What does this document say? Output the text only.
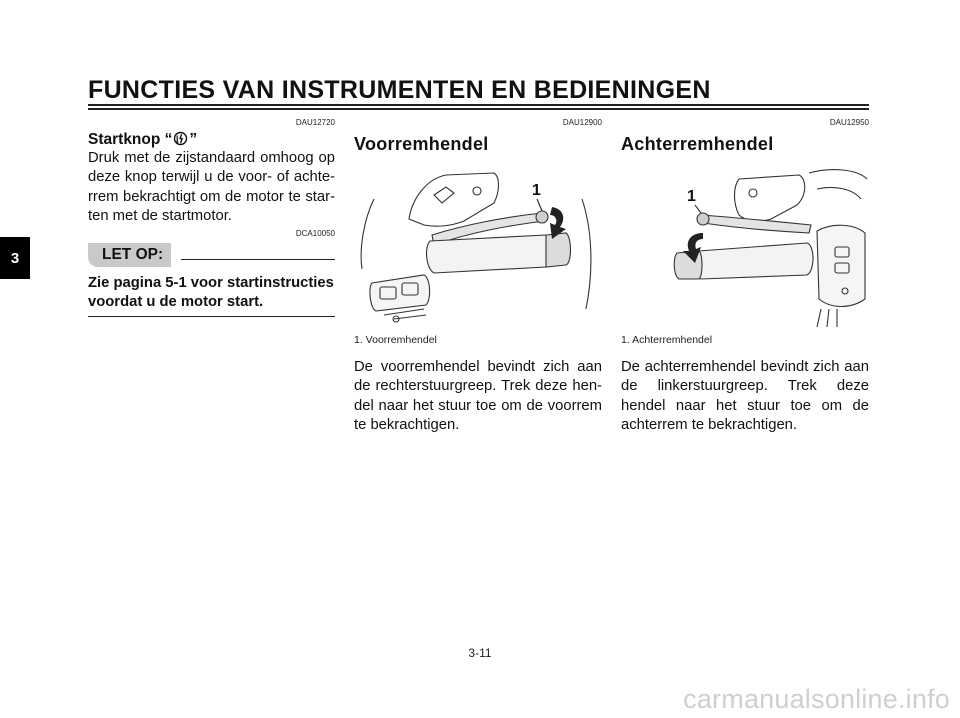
FUNCTIES VAN INSTRUMENTEN EN BEDIENINGEN
3
DAU12720
Startknop “ ”

Druk met de zijstandaard omhoog op deze knop terwijl u de voor- of achte-rrem bekrachtigt om de motor te star-ten met de startmotor.

DCA10050
LET OP:

Zie pagina 5-1 voor startinstructies voordat u de motor start.

DAU12900
Voorremhendel
1
1. Voorremhendel

De voorremhendel bevindt zich aan de rechterstuurgreep. Trek deze hen-del naar het stuur toe om de voorrem te bekrachtigen.

DAU12950
Achterremhendel
1
1. Achterremhendel

De achterremhendel bevindt zich aan de linkerstuurgreep. Trek deze hendel naar het stuur toe om de achterrem te bekrachtigen.

3-11
carmanualsonline.info
